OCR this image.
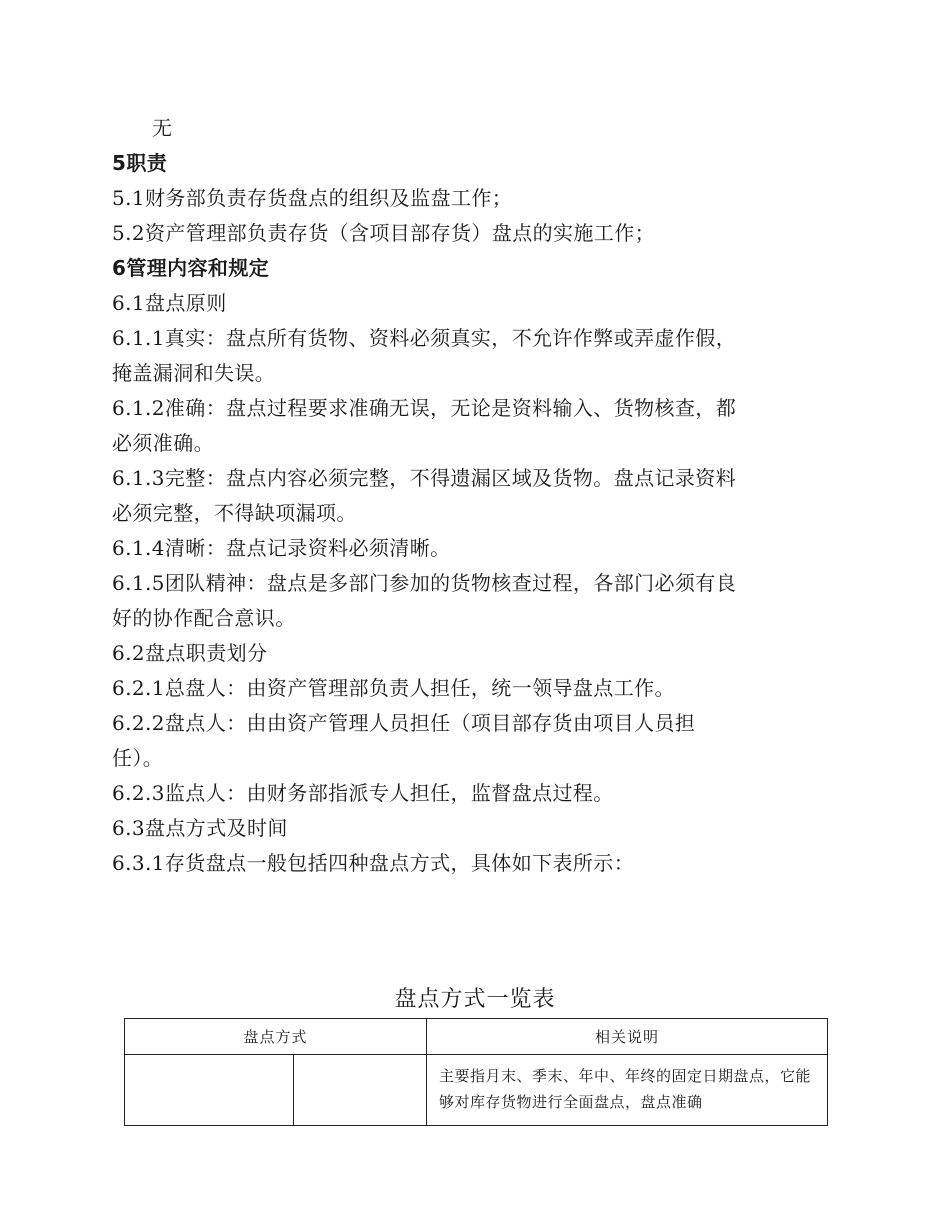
无
5职责
5.1财务部负责存货盘点的组织及监盘工作；
5.2资产管理部负责存货（含项目部存货）盘点的实施工作；
6管理内容和规定
6.1盘点原则
6.1.1真实：盘点所有货物、资料必须真实，不允许作弊或弄虚作假，
掩盖漏洞和失误。
6.1.2准确：盘点过程要求准确无误，无论是资料输入、货物核查，都
必须准确。
6.1.3完整：盘点内容必须完整，不得遗漏区域及货物。盘点记录资料
必须完整，不得缺项漏项。
6.1.4清晰：盘点记录资料必须清晰。
6.1.5团队精神：盘点是多部门参加的货物核查过程，各部门必须有良
好的协作配合意识。
6.2盘点职责划分
6.2.1总盘人：由资产管理部负责人担任，统一领导盘点工作。
6.2.2盘点人：由由资产管理人员担任（项目部存货由项目人员担
任）。
6.2.3监点人：由财务部指派专人担任，监督盘点过程。
6.3盘点方式及时间
6.3.1存货盘点一般包括四种盘点方式，具体如下表所示：
盘点方式一览表
盘点方式		相关说明

		主要指月末、季末、年中、年终的固定日期盘点，它能够对库存货物进行全面盘点，盘点准确
